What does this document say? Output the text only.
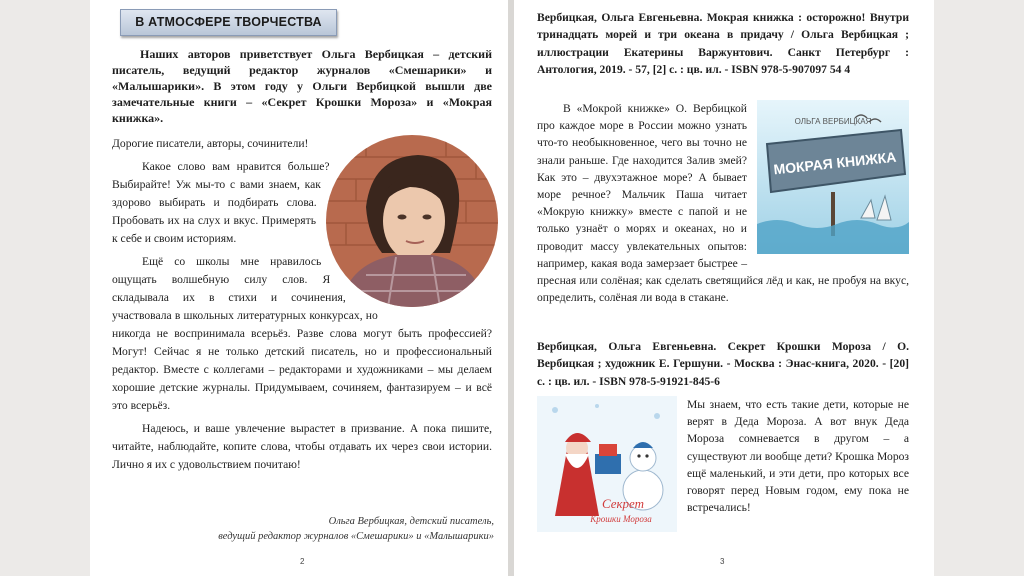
В АТМОСФЕРЕ ТВОРЧЕСТВА

Наших авторов приветствует Ольга Вербицкая – детский писатель, ведущий редактор журналов «Смешарики» и «Малышарики». В этом году у Ольги Вербицкой вышли две замечательные книги – «Секрет Крошки Мороза» и «Мокрая книжка».

Дорогие писатели, авторы, сочинители!

Какое слово вам нравится больше? Выбирайте! Уж мы-то с вами знаем, как здорово выбирать и подбирать слова. Пробовать их на слух и вкус. Примерять к себе и своим историям.

Ещё со школы мне нравилось ощущать волшебную силу слов. Я складывала их в стихи и сочинения, участвовала в школьных литературных конкурсах, но никогда не воспринимала всерьёз. Разве слова могут быть профессией? Могут! Сейчас я не только детский писатель, но и профессиональный редактор. Вместе с коллегами – редакторами и художниками – мы делаем хорошие детские журналы. Придумываем, сочиняем, фантазируем – и всё это всерьёз.

Надеюсь, и ваше увлечение вырастет в призвание. А пока пишите, читайте, наблюдайте, копите слова, чтобы отдавать их через свои истории. Лично я их с удовольствием почитаю!

Ольга Вербицкая, детский писатель,
ведущий редактор журналов «Смешарики» и «Малышарики»
2

Вербицкая, Ольга Евгеньевна. Мокрая книжка : осторожно! Внутри тринадцать морей и три океана в придачу / Ольга Вербицкая ; иллюстрации Екатерины Варжунтович. Санкт Петербург : Антология, 2019. - 57, [2] с. : цв. ил. - ISBN 978-5-907097 54 4

ОЛЬГА ВЕРБИЦКАЯ
МОКРАЯ КНИЖКА

В «Мокрой книжке» О. Вербицкой про каждое море в России можно узнать что-то необыкновенное, чего вы точно не знали раньше. Где находится Залив змей? Как это – двухэтажное море? А бывает море речное? Мальчик Паша читает «Мокрую книжку» вместе с папой и не только узнаёт о морях и океанах, но и проводит массу увлекательных опытов: например, какая вода замерзает быстрее – пресная или солёная; как сделать светящийся лёд и как, не пробуя на вкус, определить, солёная ли вода в стакане.

Вербицкая, Ольга Евгеньевна. Секрет Крошки Мороза / О. Вербицкая ; художник Е. Гершуни. - Москва : Энас-книга, 2020. - [20] с. : цв. ил. - ISBN 978-5-91921-845-6

Секрет
Крошки Мороза

Мы знаем, что есть такие дети, которые не верят в Деда Мороза. А вот внук Деда Мороза сомневается в другом – а существуют ли вообще дети? Крошка Мороз ещё маленький, и эти дети, про которых все говорят перед Новым годом, ему пока не встречались!

3
